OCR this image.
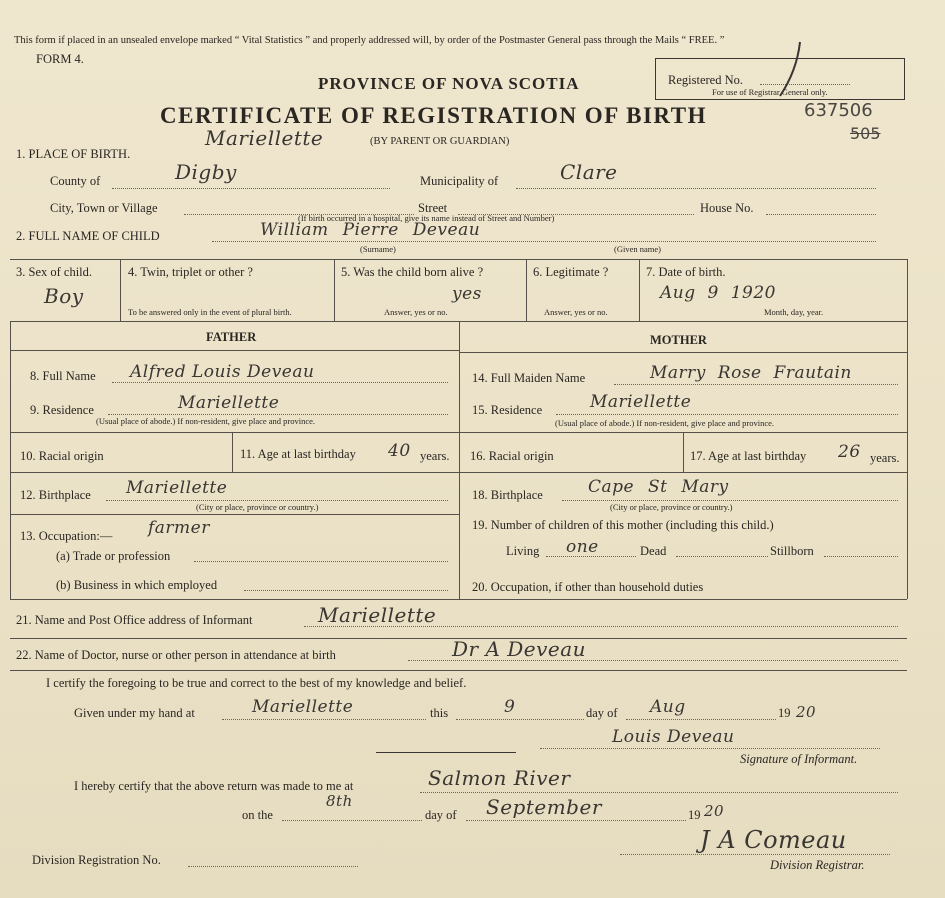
This form if placed in an unsealed envelope marked “ Vital Statistics ” and properly addressed will, by order of the Postmaster General pass through the Mails “ FREE. ”
FORM 4.
PROVINCE OF NOVA SCOTIA
CERTIFICATE OF REGISTRATION OF BIRTH
(BY PARENT OR GUARDIAN)
Registered No.
For use of Registrar General only.
637506
505
1. PLACE OF BIRTH.
Mariellette
County of	Digby	Municipality of	Clare
City, Town or Village	Street	House No.
(If birth occurred in a hospital, give its name instead of Street and Number)
2. FULL NAME OF CHILD	William Pierre Deveau
(Surname)	(Given name)
3. Sex of child.
Boy
4. Twin, triplet or other ?
To be answered only in the event of plural birth.
5. Was the child born alive ?
yes
Answer, yes or no.
6. Legitimate ?
Answer, yes or no.
7. Date of birth.
Aug 9 1920
Month, day, year.
FATHER	MOTHER
8. Full Name Alfred Louis Deveau
9. Residence	Mariellette
(Usual place of abode.) If non-resident, give place and province.
10. Racial origin	11. Age at last birthday 40 years.
12. Birthplace Mariellette
(City or place, province or country.)
13. Occupation:— farmer
(a) Trade or profession
(b) Business in which employed
14. Full Maiden Name	Marry Rose Frautain
15. Residence	Mariellette
(Usual place of abode.) If non-resident, give place and province.
16. Racial origin	17. Age at last birthday 26 years.
18. Birthplace	Cape St Mary
(City or place, province or country.)
19. Number of children of this mother (including this child.)
Living one	Dead	Stillborn
20. Occupation, if other than household duties
21. Name and Post Office address of Informant	Mariellette
22. Name of Doctor, nurse or other person in attendance at birth	Dr A Deveau
I certify the foregoing to be true and correct to the best of my knowledge and belief.
Given under my hand at	Mariellette	this	9	day of Aug	19 20
Louis Deveau
Signature of Informant.
I hereby certify that the above return was made to me at	Salmon River
on the
8th
day of September	19 20
Division Registration No.
J A Comeau
Division Registrar.
